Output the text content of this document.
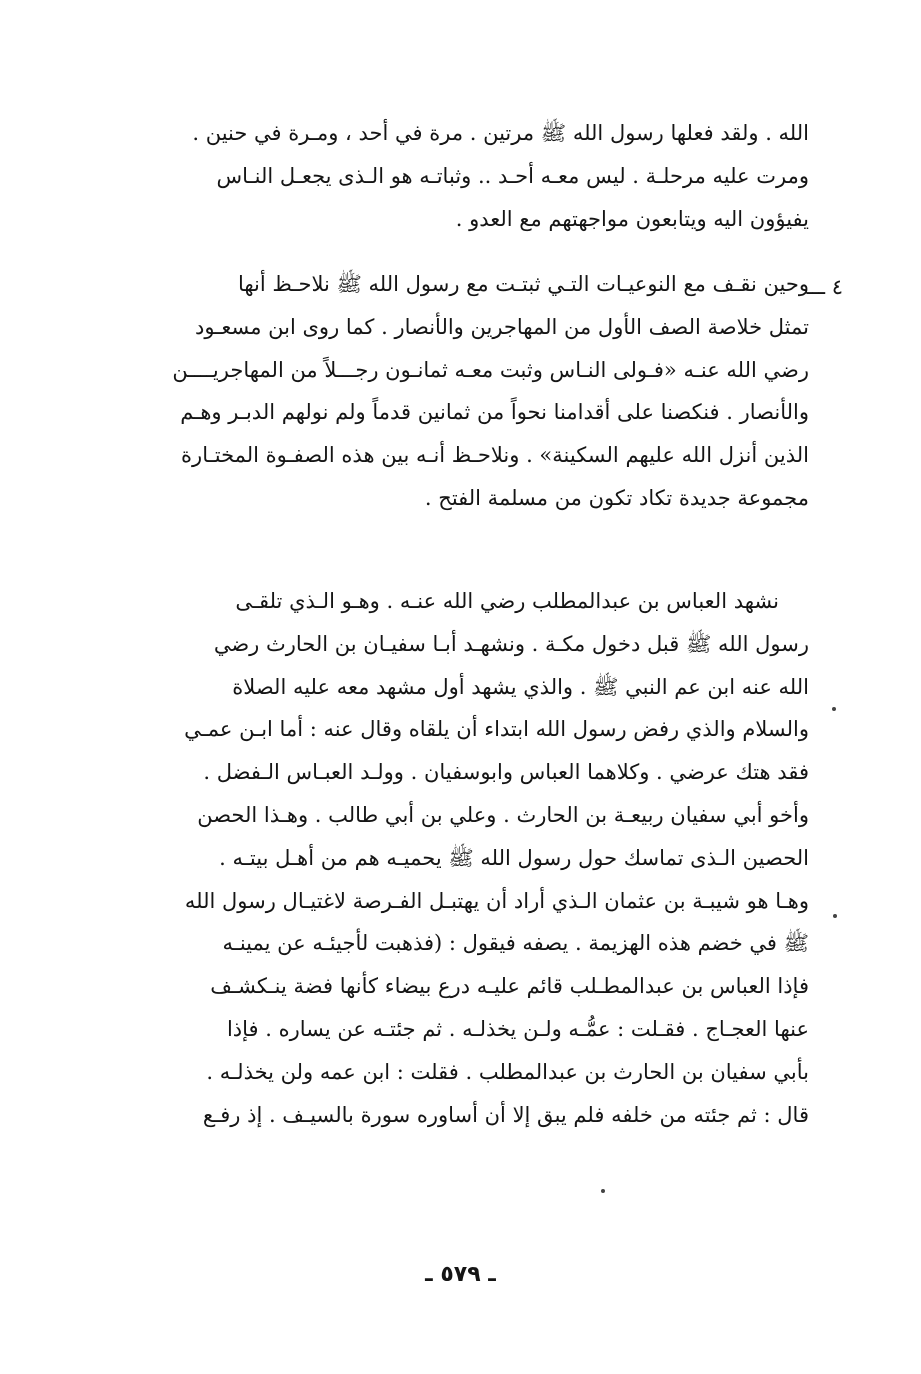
الله . ولقد فعلها رسول الله ﷺ مرتين . مرة في أحد ، ومـرة في حنين .
ومرت عليه مرحلـة . ليس معـه أحـد .. وثباتـه هو الـذى يجعـل النـاس
يفيؤون اليه ويتابعون مواجهتهم مع العدو .
٤ ـــ
وحين نقـف مع النوعيـات التـي ثبتـت مع رسول الله ﷺ نلاحـظ أنها
تمثل خلاصة الصف الأول من المهاجرين والأنصار . كما روى ابن مسعـود
رضي الله عنـه «فـولى النـاس وثبت معـه ثمانـون رجـــلاً من المهاجريــــن
والأنصار . فنكصنا على أقدامنا نحواً من ثمانين قدماً ولم نولهم الدبـر وهـم
الذين أنزل الله عليهم السكينة» . ونلاحـظ أنـه بين هذه الصفـوة المختـارة
مجموعة جديدة تكاد تكون من مسلمة الفتح .
نشهد العباس بن عبدالمطلب رضي الله عنـه . وهـو الـذي تلقـى
رسول الله ﷺ قبل دخول مكـة . ونشهـد أبـا سفيـان بن الحارث رضي
الله عنه ابن عم النبي ﷺ . والذي يشهد أول مشهد معه عليه الصلاة
والسلام والذي رفض رسول الله ابتداء أن يلقاه وقال عنه : أما ابـن عمـي
فقد هتك عرضي . وكلاهما العباس وابوسفيان . وولـد العبـاس الـفضل .
وأخو أبي سفيان ربيعـة بن الحارث . وعلي بن أبي طالب . وهـذا الحصن
الحصين الـذى تماسك حول رسول الله ﷺ يحميـه هم من أهـل بيتـه .
وهـا هو شيبـة بن عثمان الـذي أراد أن يهتبـل الفـرصة لاغتيـال رسول الله
ﷺ في خضم هذه الهزيمة . يصفه فيقول : (فذهبت لأجيئـه عن يمينـه
فإذا العباس بن عبدالمطـلب قائم عليـه درع بيضاء كأنها فضة ينـكشـف
عنها العجـاج . فقـلت : عمُّـه ولـن يخذلـه . ثم جئتـه عن يساره . فإذا
بأبي سفيان بن الحارث بن عبدالمطلب . فقلت : ابن عمه ولن يخذلـه .
قال : ثم جئته من خلفه فلم يبق إلا أن أساوره سورة بالسيـف . إذ رفـع
ـ ٥٧٩ ـ
